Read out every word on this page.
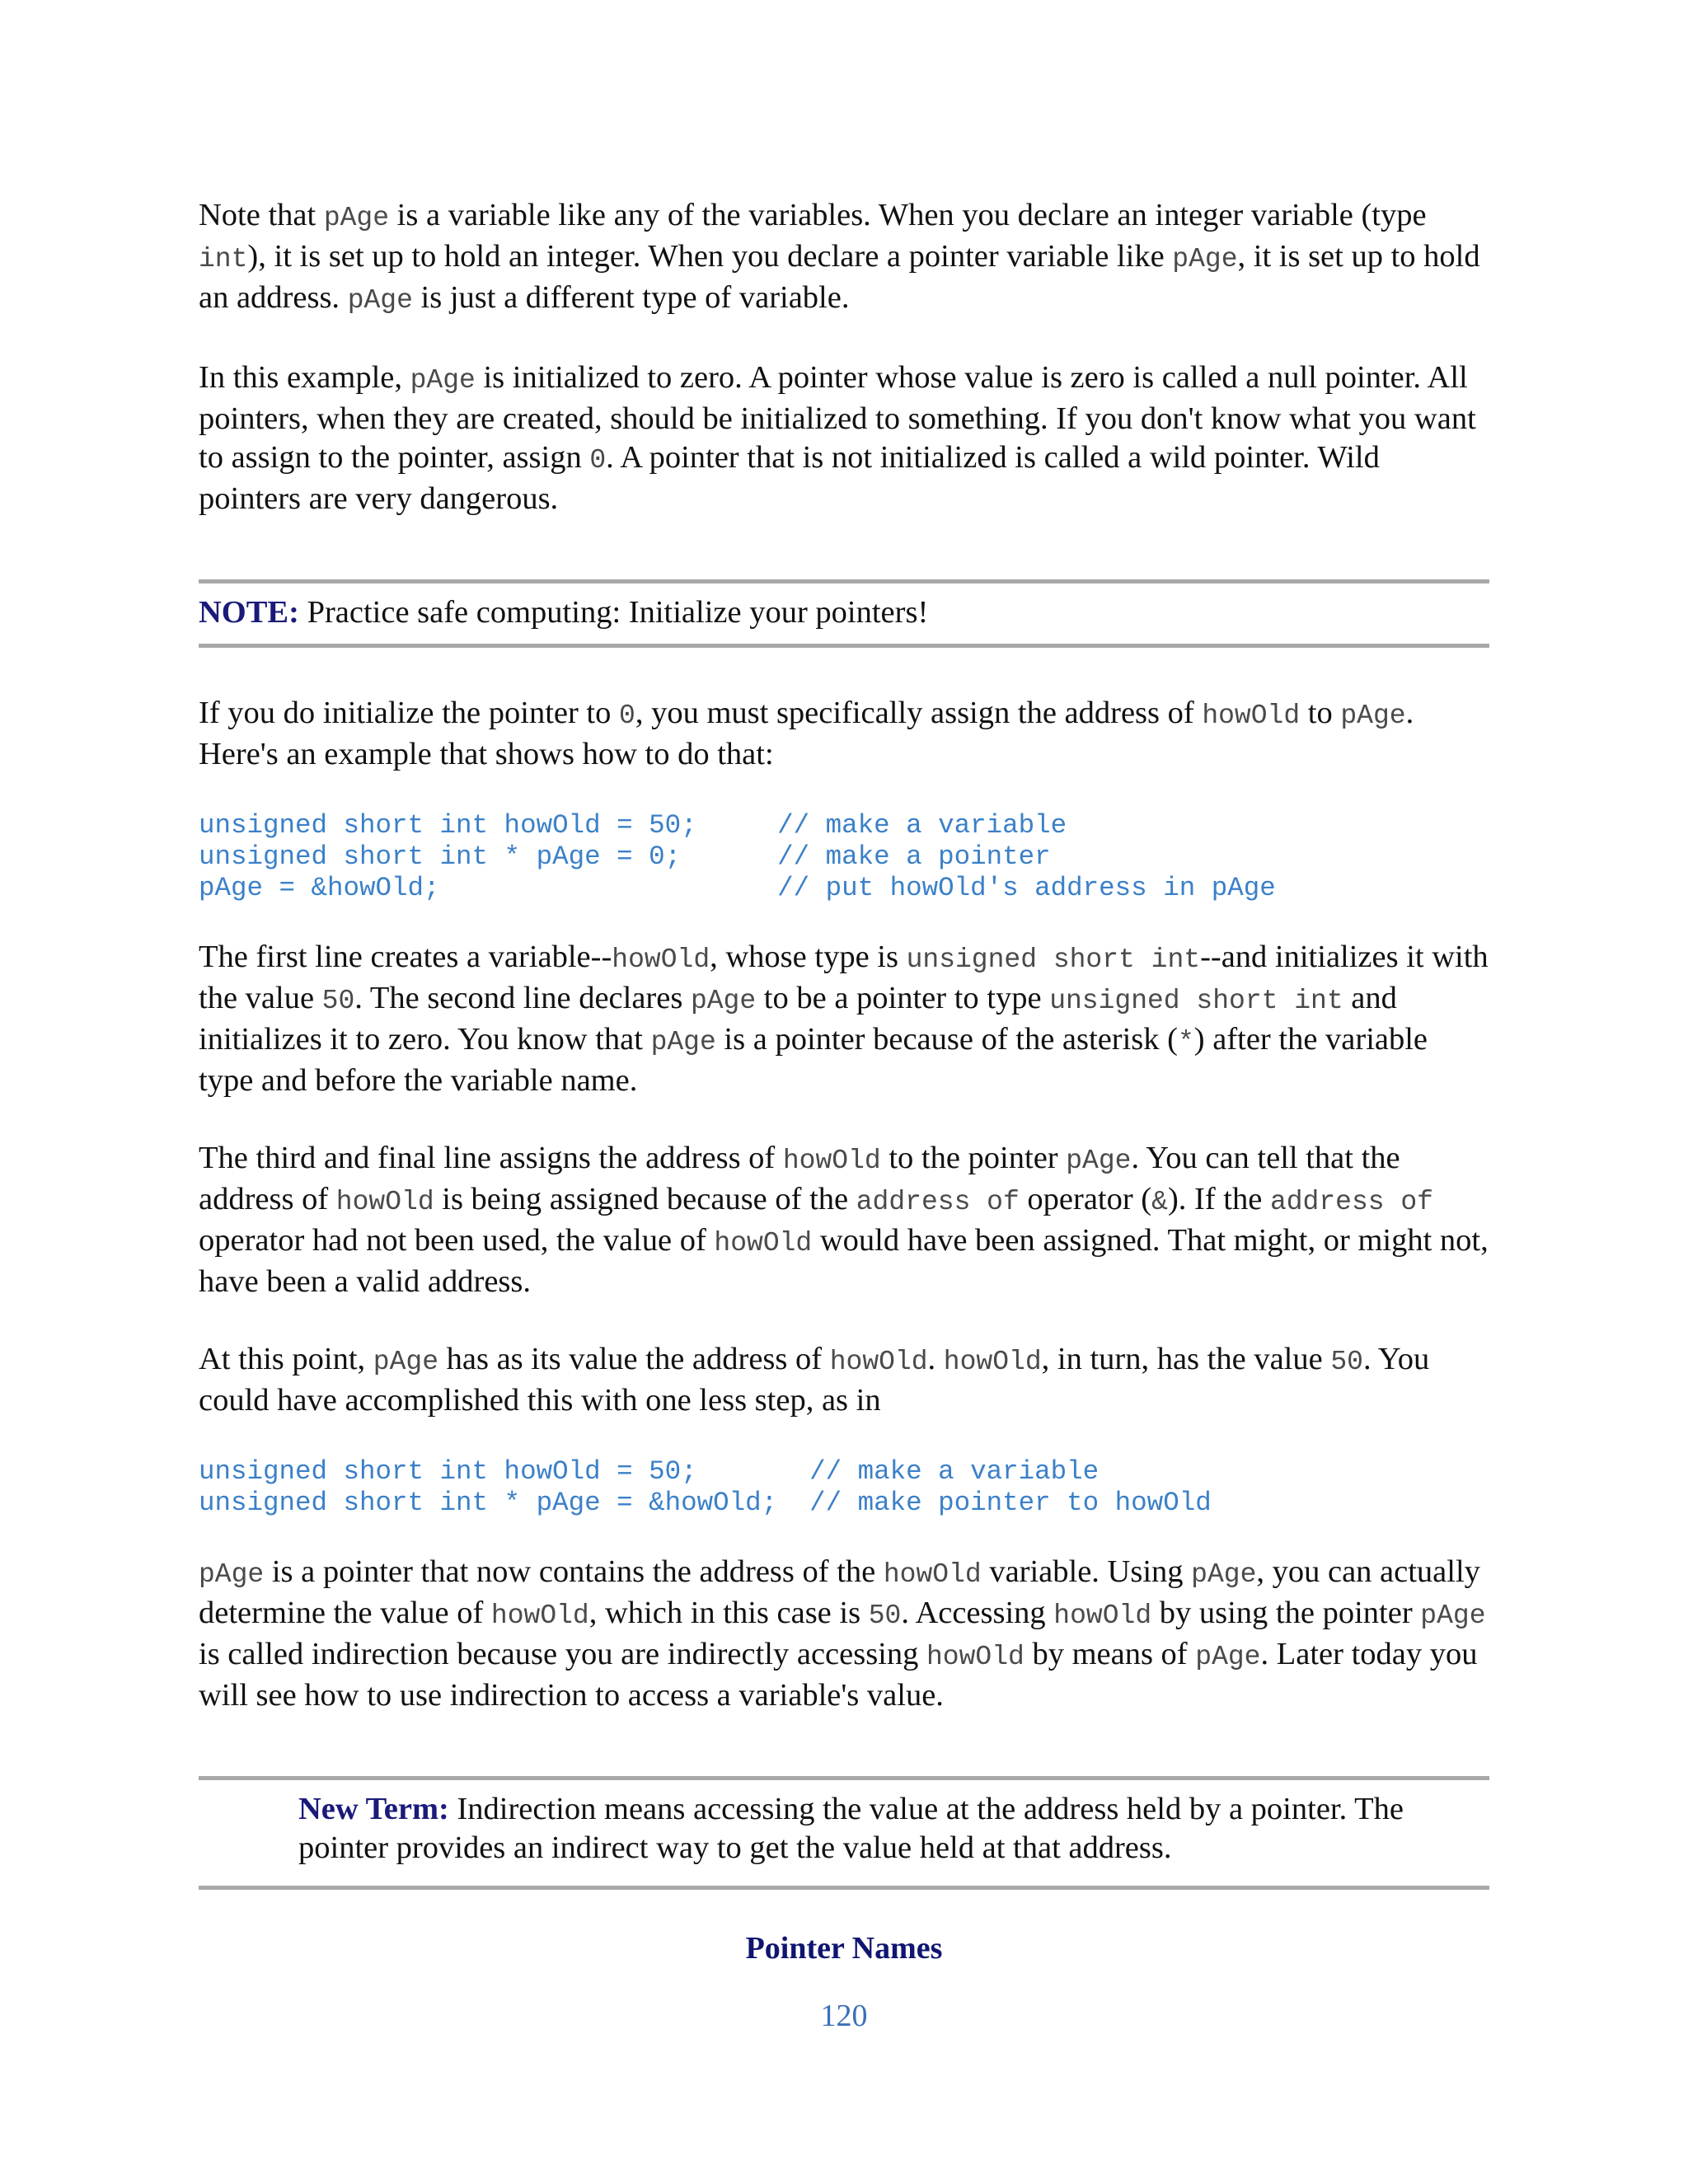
Note that pAge is a variable like any of the variables. When you declare an integer variable (type int), it is set up to hold an integer. When you declare a pointer variable like pAge, it is set up to hold an address. pAge is just a different type of variable.

In this example, pAge is initialized to zero. A pointer whose value is zero is called a null pointer. All pointers, when they are created, should be initialized to something. If you don't know what you want to assign to the pointer, assign 0. A pointer that is not initialized is called a wild pointer. Wild pointers are very dangerous.

NOTE: Practice safe computing: Initialize your pointers!

If you do initialize the pointer to 0, you must specifically assign the address of howOld to pAge. Here's an example that shows how to do that:

unsigned short int howOld = 50;     // make a variable
unsigned short int * pAge = 0;      // make a pointer
pAge = &howOld;                     // put howOld's address in pAge

The first line creates a variable--howOld, whose type is unsigned short int--and initializes it with the value 50. The second line declares pAge to be a pointer to type unsigned short int and initializes it to zero. You know that pAge is a pointer because of the asterisk (*) after the variable type and before the variable name.

The third and final line assigns the address of howOld to the pointer pAge. You can tell that the address of howOld is being assigned because of the address of operator (&). If the address of operator had not been used, the value of howOld would have been assigned. That might, or might not, have been a valid address.

At this point, pAge has as its value the address of howOld. howOld, in turn, has the value 50. You could have accomplished this with one less step, as in

unsigned short int howOld = 50;       // make a variable
unsigned short int * pAge = &howOld;  // make pointer to howOld

pAge is a pointer that now contains the address of the howOld variable. Using pAge, you can actually determine the value of howOld, which in this case is 50. Accessing howOld by using the pointer pAge is called indirection because you are indirectly accessing howOld by means of pAge. Later today you will see how to use indirection to access a variable's value.

New Term: Indirection means accessing the value at the address held by a pointer. The pointer provides an indirect way to get the value held at that address.

Pointer Names
120
